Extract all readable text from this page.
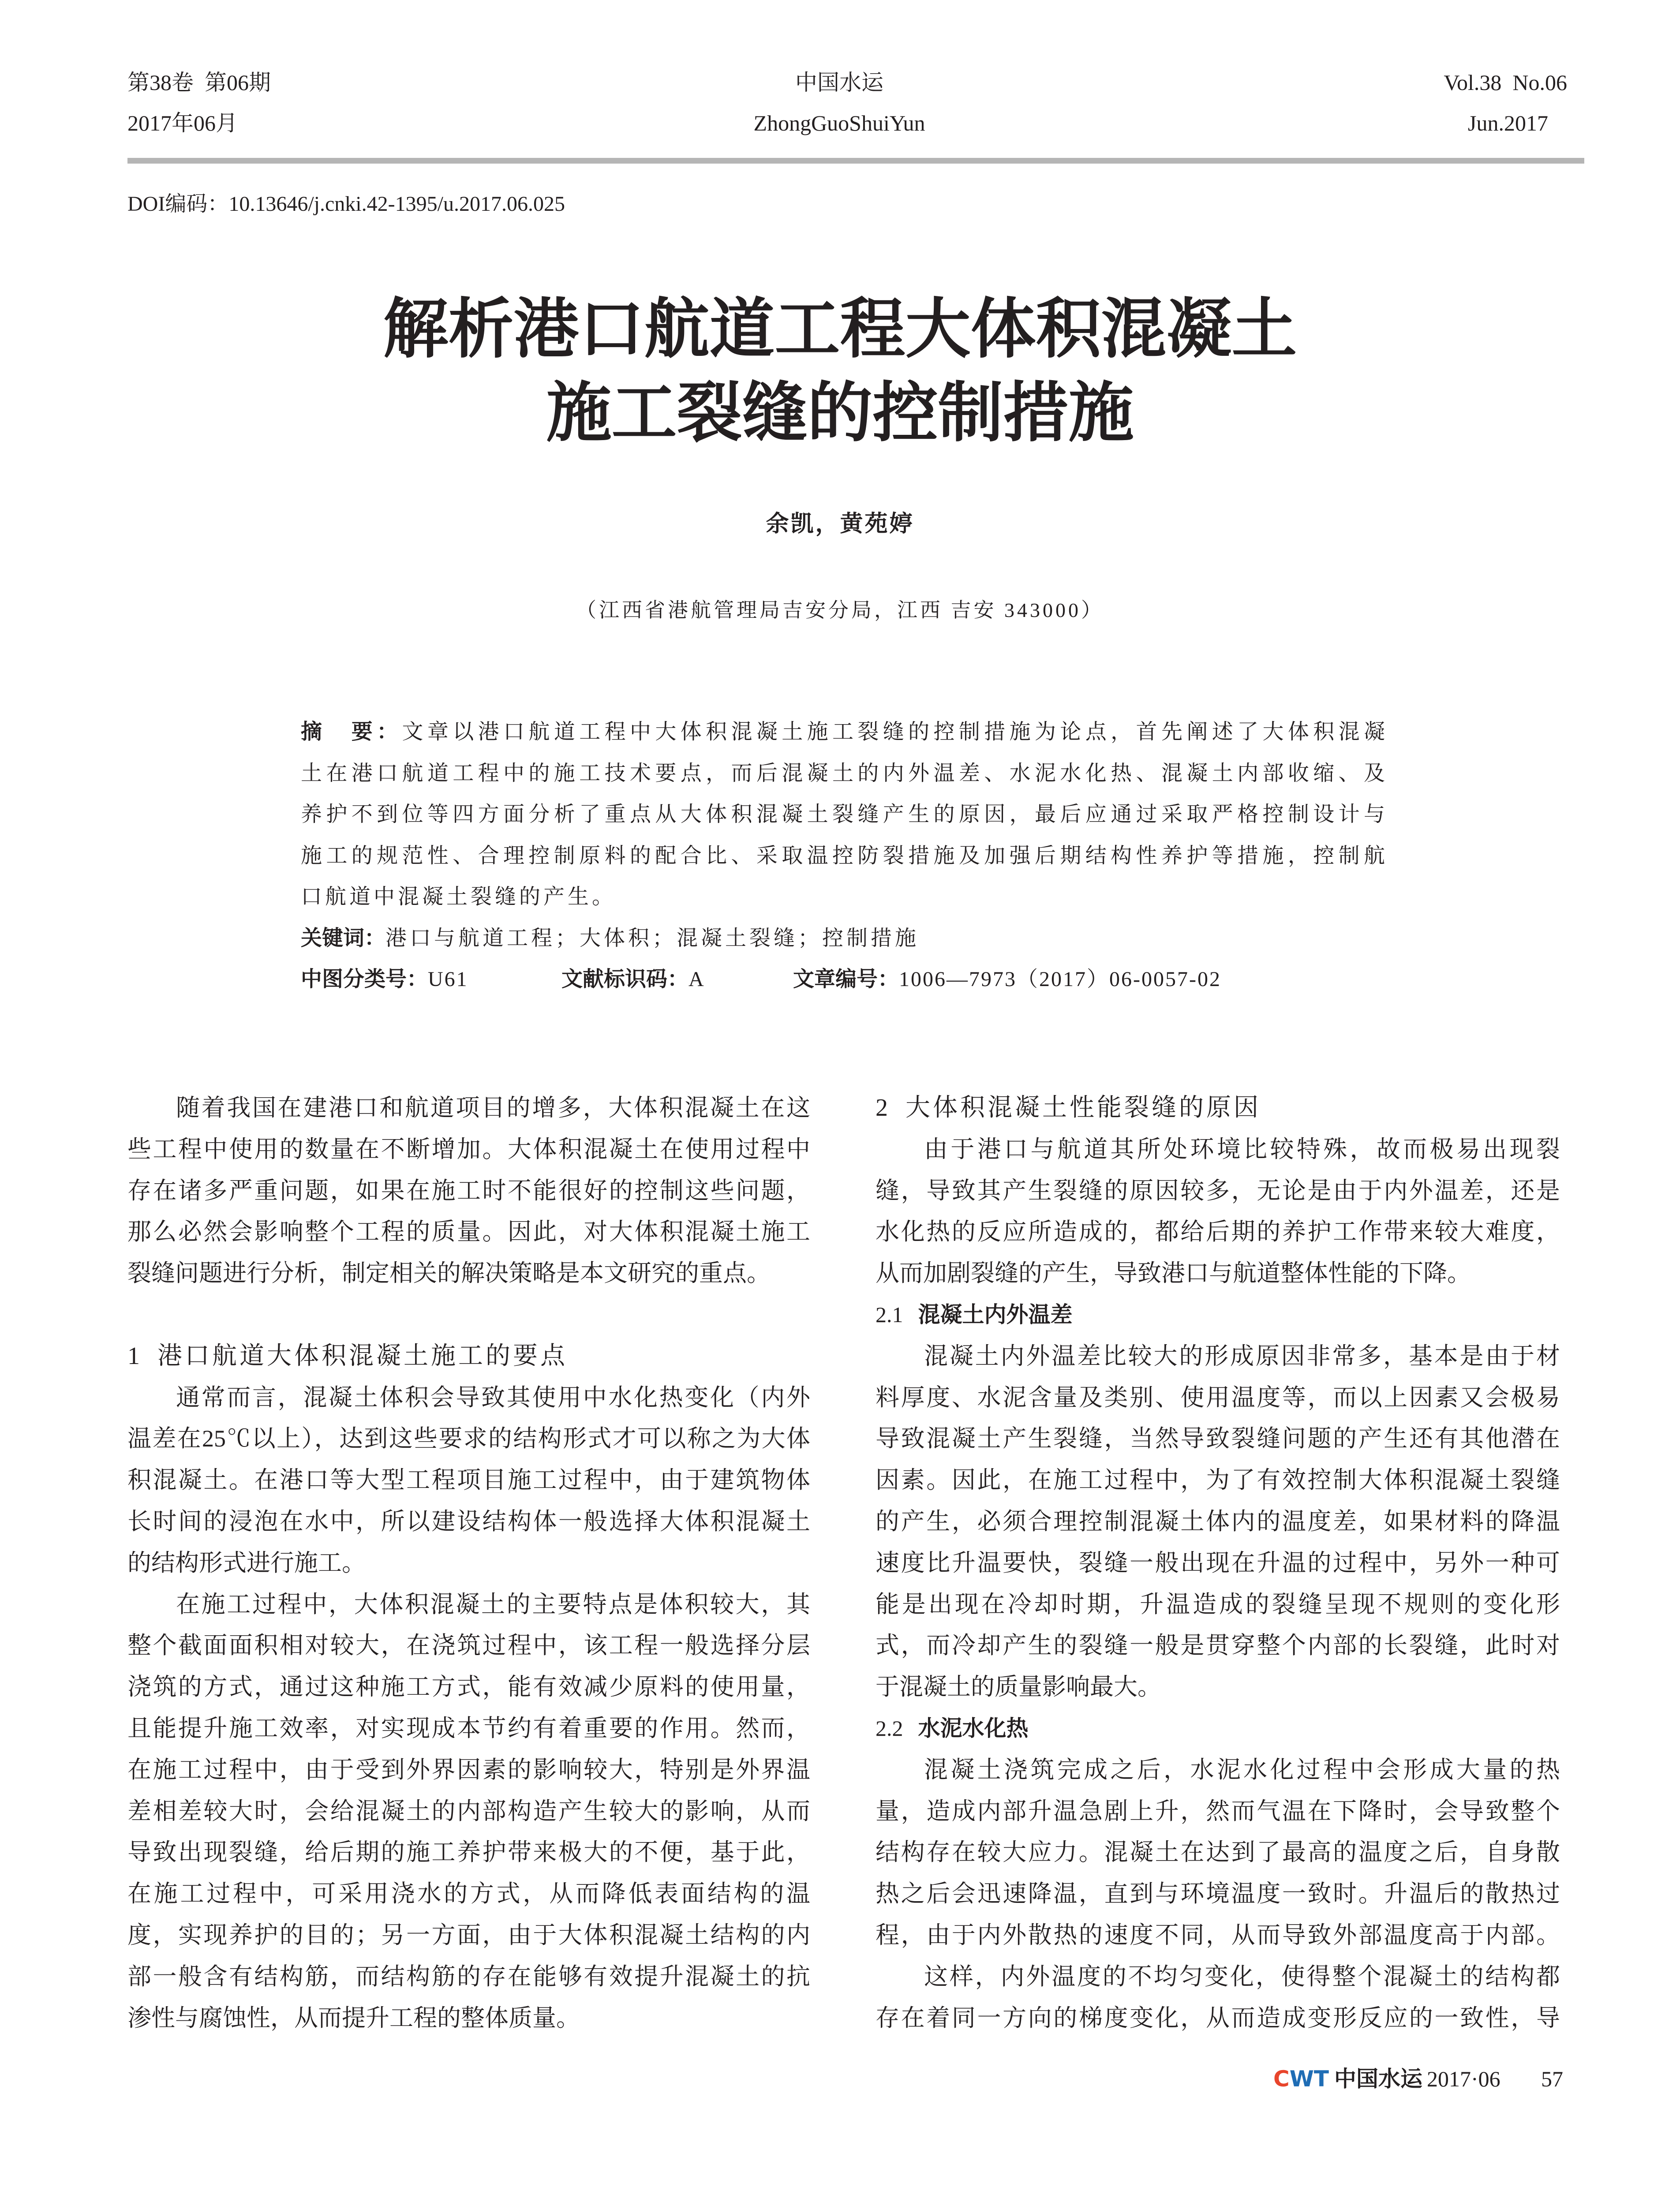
第38卷  第06期
2017年06月
中国水运
ZhongGuoShuiYun
Vol.38  No.06
Jun.2017
DOI编码：10.13646/j.cnki.42-1395/u.2017.06.025
解析港口航道工程大体积混凝土
施工裂缝的控制措施
余凯，黄苑婷
（江西省港航管理局吉安分局，江西 吉安 343000）
摘　要：文章以港口航道工程中大体积混凝土施工裂缝的控制措施为论点，首先阐述了大体积混凝
土在港口航道工程中的施工技术要点，而后混凝土的内外温差、水泥水化热、混凝土内部收缩、及
养护不到位等四方面分析了重点从大体积混凝土裂缝产生的原因，最后应通过采取严格控制设计与
施工的规范性、合理控制原料的配合比、采取温控防裂措施及加强后期结构性养护等措施，控制航
口航道中混凝土裂缝的产生。
关键词：港口与航道工程；大体积；混凝土裂缝；控制措施
中图分类号：U61	文献标识码：A	文章编号：1006—7973（2017）06-0057-02
随着我国在建港口和航道项目的增多，大体积混凝土在这
些工程中使用的数量在不断增加。大体积混凝土在使用过程中
存在诸多严重问题，如果在施工时不能很好的控制这些问题，
那么必然会影响整个工程的质量。因此，对大体积混凝土施工
裂缝问题进行分析，制定相关的解决策略是本文研究的重点。
1 港口航道大体积混凝土施工的要点
通常而言，混凝土体积会导致其使用中水化热变化（内外
温差在25℃以上），达到这些要求的结构形式才可以称之为大体
积混凝土。在港口等大型工程项目施工过程中，由于建筑物体
长时间的浸泡在水中，所以建设结构体一般选择大体积混凝土
的结构形式进行施工。
在施工过程中，大体积混凝土的主要特点是体积较大，其
整个截面面积相对较大，在浇筑过程中，该工程一般选择分层
浇筑的方式，通过这种施工方式，能有效减少原料的使用量，
且能提升施工效率，对实现成本节约有着重要的作用。然而，
在施工过程中，由于受到外界因素的影响较大，特别是外界温
差相差较大时，会给混凝土的内部构造产生较大的影响，从而
导致出现裂缝，给后期的施工养护带来极大的不便，基于此，
在施工过程中，可采用浇水的方式，从而降低表面结构的温
度，实现养护的目的；另一方面，由于大体积混凝土结构的内
部一般含有结构筋，而结构筋的存在能够有效提升混凝土的抗
渗性与腐蚀性，从而提升工程的整体质量。
2 大体积混凝土性能裂缝的原因
由于港口与航道其所处环境比较特殊，故而极易出现裂
缝，导致其产生裂缝的原因较多，无论是由于内外温差，还是
水化热的反应所造成的，都给后期的养护工作带来较大难度，
从而加剧裂缝的产生，导致港口与航道整体性能的下降。
2.1 混凝土内外温差
混凝土内外温差比较大的形成原因非常多，基本是由于材
料厚度、水泥含量及类别、使用温度等，而以上因素又会极易
导致混凝土产生裂缝，当然导致裂缝问题的产生还有其他潜在
因素。因此，在施工过程中，为了有效控制大体积混凝土裂缝
的产生，必须合理控制混凝土体内的温度差，如果材料的降温
速度比升温要快，裂缝一般出现在升温的过程中，另外一种可
能是出现在冷却时期，升温造成的裂缝呈现不规则的变化形
式，而冷却产生的裂缝一般是贯穿整个内部的长裂缝，此时对
于混凝土的质量影响最大。
2.2 水泥水化热
混凝土浇筑完成之后，水泥水化过程中会形成大量的热
量，造成内部升温急剧上升，然而气温在下降时，会导致整个
结构存在较大应力。混凝土在达到了最高的温度之后，自身散
热之后会迅速降温，直到与环境温度一致时。升温后的散热过
程，由于内外散热的速度不同，从而导致外部温度高于内部。
这样，内外温度的不均匀变化，使得整个混凝土的结构都
存在着同一方向的梯度变化，从而造成变形反应的一致性，导
CWT 中国水运 2017·06 57
